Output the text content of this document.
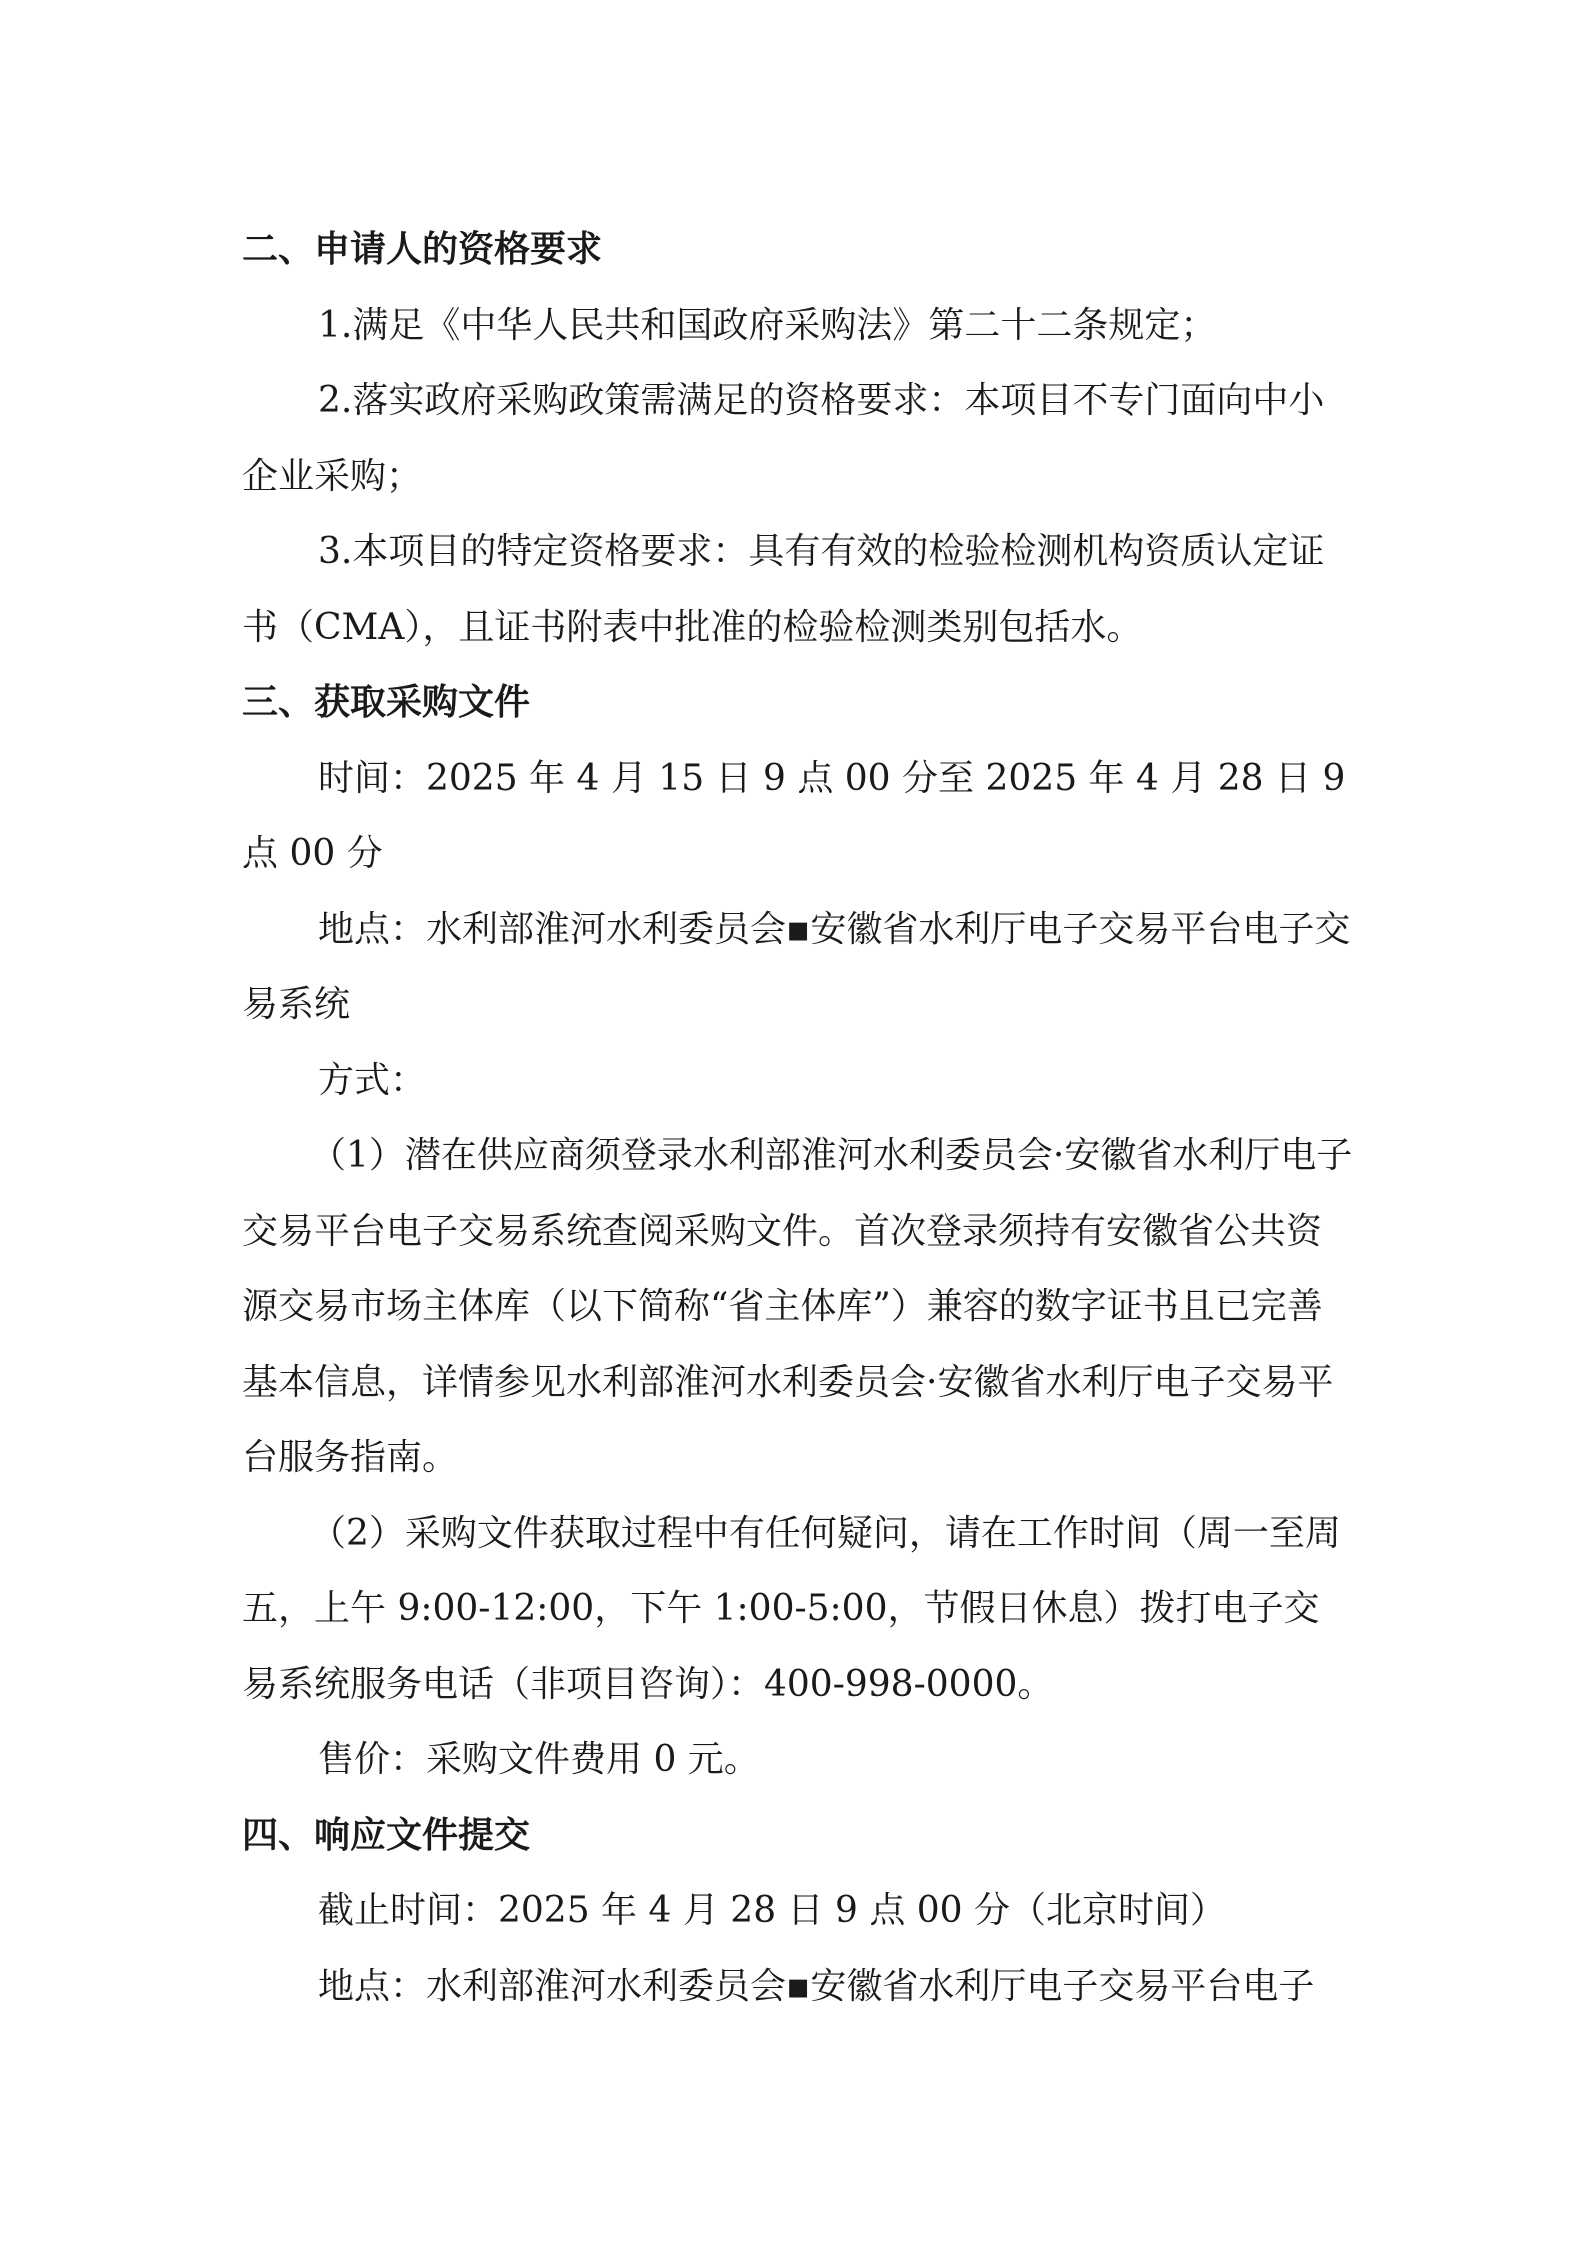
二、申请人的资格要求

1.满足《中华人民共和国政府采购法》第二十二条规定；

2.落实政府采购政策需满足的资格要求：本项目不专门面向中小企业采购；

3.本项目的特定资格要求：具有有效的检验检测机构资质认定证书（CMA），且证书附表中批准的检验检测类别包括水。

三、获取采购文件

时间：2025 年 4 月 15 日 9 点 00 分至 2025 年 4 月 28 日 9 点 00 分

地点：水利部淮河水利委员会▪安徽省水利厅电子交易平台电子交易系统

方式：

（1）潜在供应商须登录水利部淮河水利委员会·安徽省水利厅电子交易平台电子交易系统查阅采购文件。首次登录须持有安徽省公共资源交易市场主体库（以下简称“省主体库”）兼容的数字证书且已完善基本信息，详情参见水利部淮河水利委员会·安徽省水利厅电子交易平台服务指南。

（2）采购文件获取过程中有任何疑问，请在工作时间（周一至周五，上午 9:00-12:00，下午 1:00-5:00，节假日休息）拨打电子交易系统服务电话（非项目咨询）：400-998-0000。

售价：采购文件费用 0 元。

四、响应文件提交

截止时间：2025 年 4 月 28 日 9 点 00 分（北京时间）

地点：水利部淮河水利委员会▪安徽省水利厅电子交易平台电子
